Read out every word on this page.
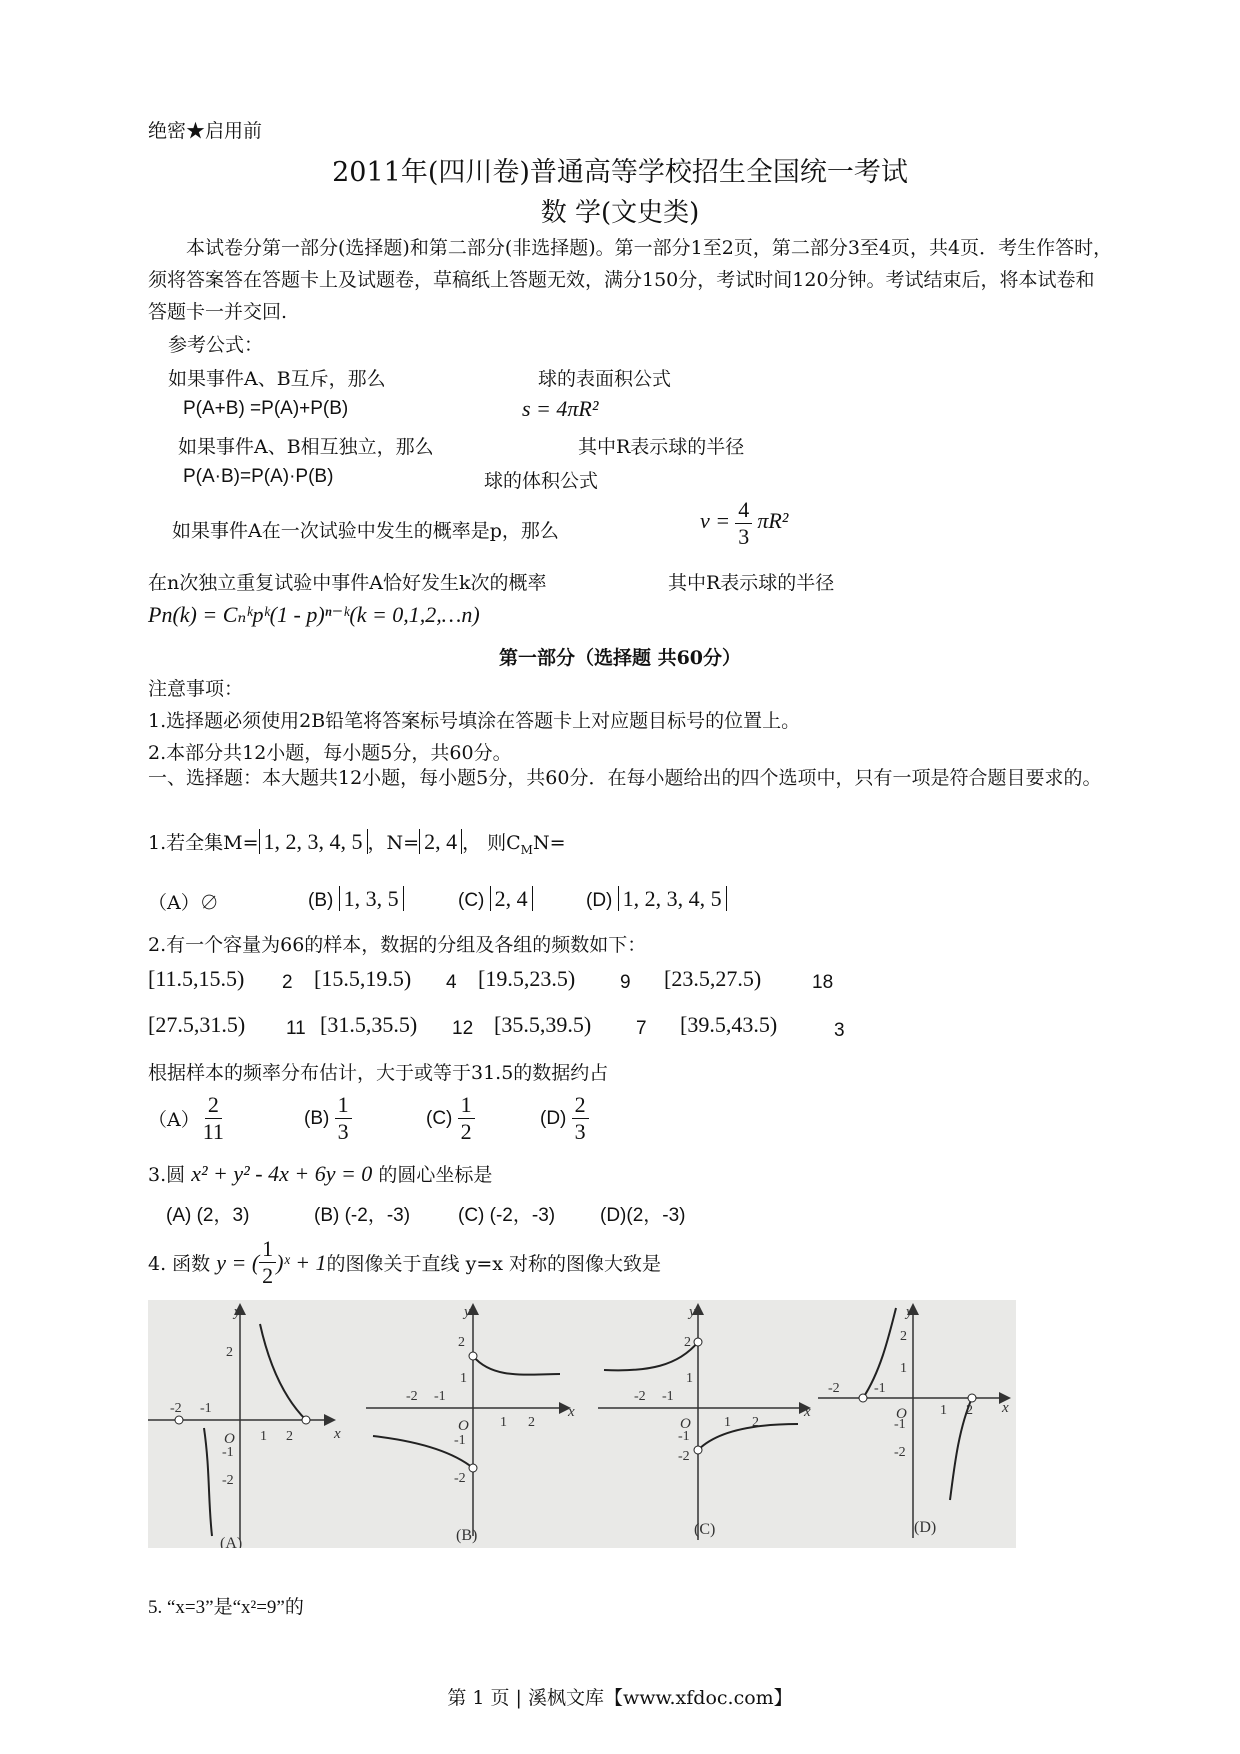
绝密★启用前
2011年(四川卷)普通高等学校招生全国统一考试
数 学(文史类)
本试卷分第一部分(选择题)和第二部分(非选择题)。第一部分1至2页，第二部分3至4页，共4页．考生作答时，须将答案答在答题卡上及试题卷，草稿纸上答题无效，满分150分，考试时间120分钟。考试结束后，将本试卷和答题卡一并交回.
参考公式：
如果事件A、B互斥，那么	球的表面积公式
P(A+B) =P(A)+P(B)	s = 4πR²
如果事件A、B相互独立，那么	其中R表示球的半径
P(A·B)=P(A)·P(B)	球的体积公式
如果事件A在一次试验中发生的概率是p，那么	$v = \frac{4}{3} \pi R^2$
在n次独立重复试验中事件A恰好发生k次的概率	其中R表示球的半径
Pn(k) = Cₙᵏpᵏ(1 - p)ⁿ⁻ᵏ(k = 0,1,2,…n)
第一部分（选择题 共60分）
注意事项：
1.选择题必须使用2B铅笔将答案标号填涂在答题卡上对应题目标号的位置上。
2.本部分共12小题，每小题5分，共60分。
一、选择题：本大题共12小题，每小题5分，共60分．在每小题给出的四个选项中，只有一项是符合题目要求的。
1.若全集M= 1, 2, 3, 4, 5 ，N= 2, 4 ， 则$C_MN=$
（A）∅	(B) 1, 3, 5	(C) 2, 4	(D) 1, 2, 3, 4, 5
2.有一个容量为66的样本，数据的分组及各组的频数如下：
[11.5,15.5) 2 [15.5,19.5) 4 [19.5,23.5) 9 [23.5,27.5)	18
[27.5,31.5) 11 [31.5,35.5) 12 [35.5,39.5) 7 [39.5,43.5)	3
根据样本的频率分布估计，大于或等于31.5的数据约占
$(A) \frac{2}{11}$	(B)
$\frac{1}{3}$	(C)
$\frac{1}{2}$	(D)
$\frac{2}{3}$
3.圆 x² + y² - 4x + 6y = 0 的圆心坐标是
(A) (2，3)	(B) (-2，-3)	(C) (-2，-3) (D)(2，-3)
4. 函数
y = ( $\frac{1}{2}$ )ˣ + 1 的图像关于直线 y=x 对称的图像大致是
y
x
O
-2 -1
1 2
2
-1
-2
(A)
y
x
O
-2 -1
1 2
2
1
-1
-2
(B)
y
x
O
-2 -1
1 2
2
1
-1
-2
(C)
y
x
O
-2 -1
1 2
2
1
-1
-2
(D)
5. “x=3”是“x²=9”的
第 1 页 | 溪枫文库【www.xfdoc.com】
